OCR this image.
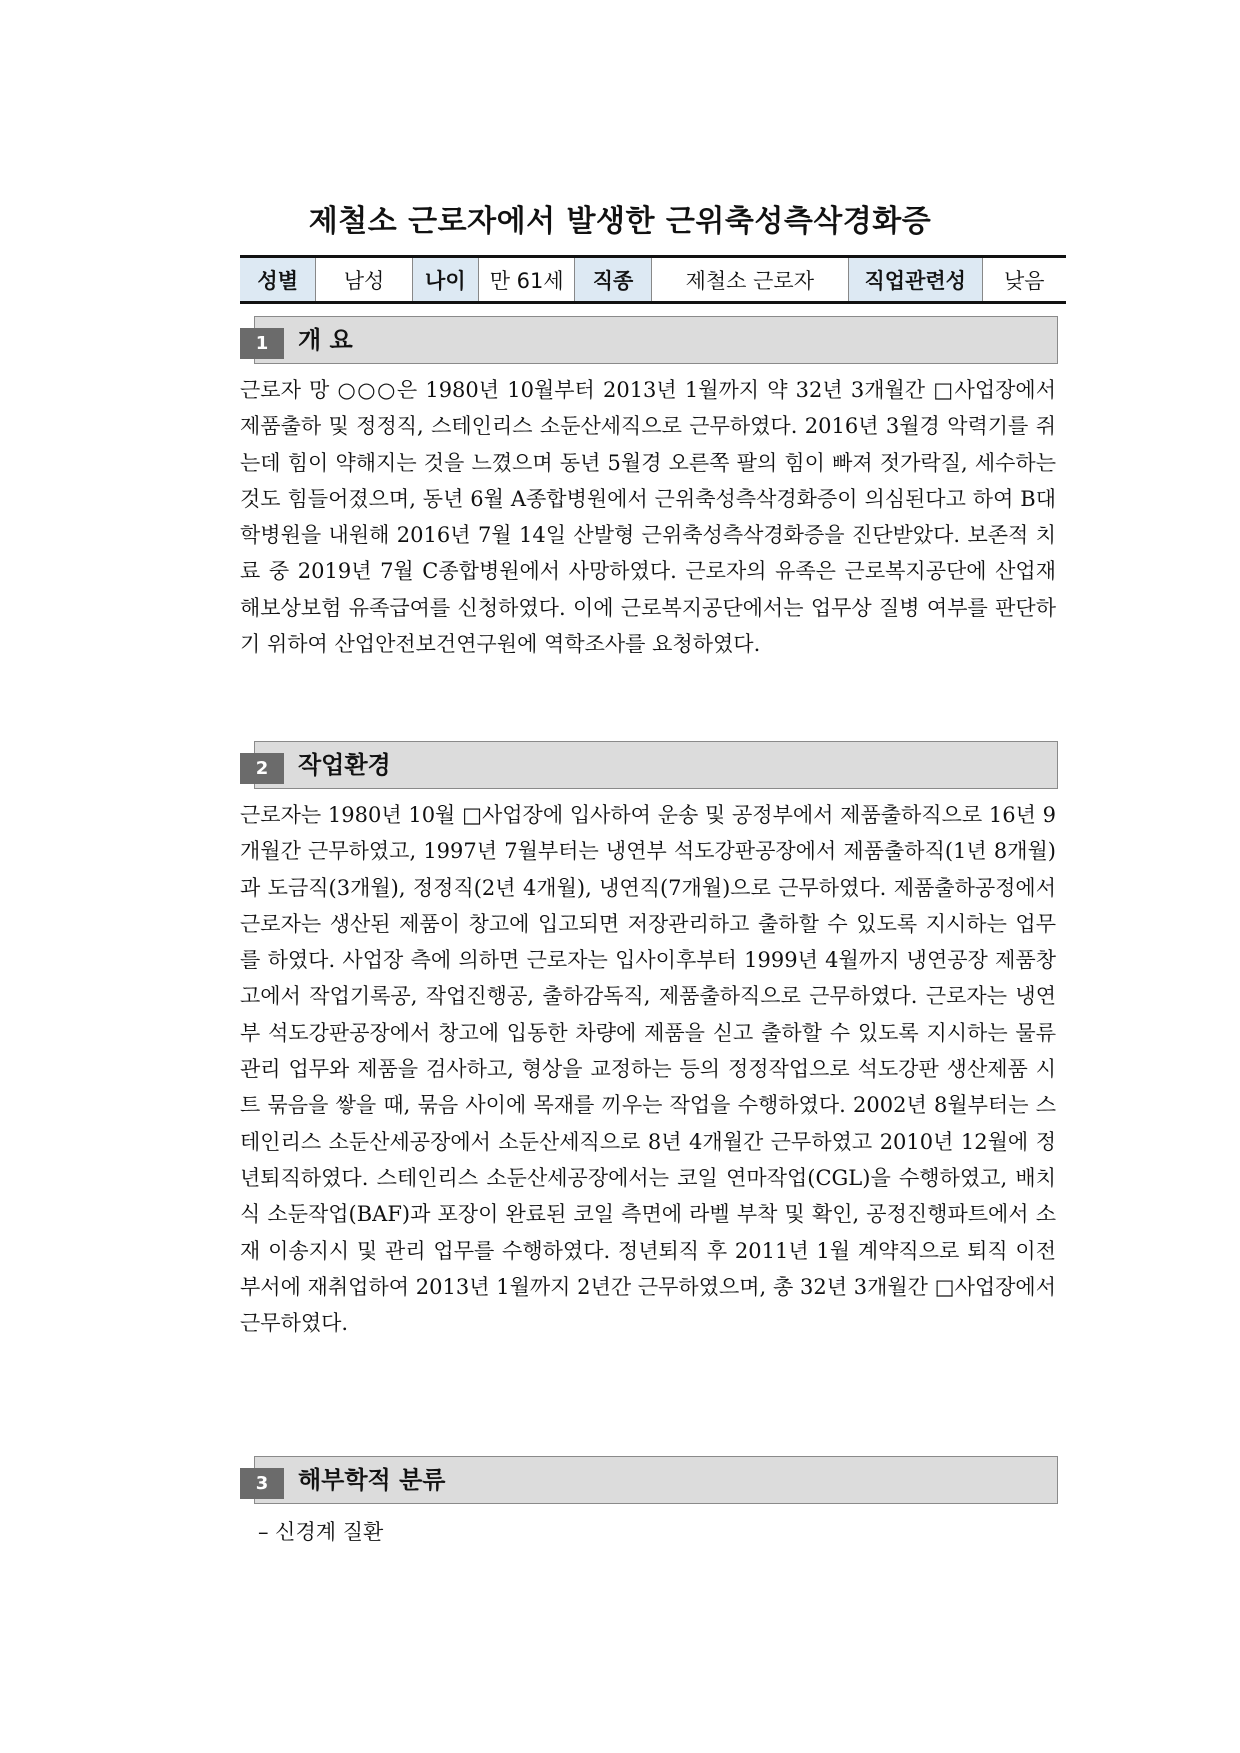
제철소 근로자에서 발생한 근위축성측삭경화증
성별	남성	나이	만 61세	직종	제철소 근로자	직업관련성	낮음
1	개 요

근로자 망 ○○○은 1980년 10월부터 2013년 1월까지 약 32년 3개월간 □사업장에서 제품출하 및 정정직, 스테인리스 소둔산세직으로 근무하였다. 2016년 3월경 악력기를 쥐는데 힘이 약해지는 것을 느꼈으며 동년 5월경 오른쪽 팔의 힘이 빠져 젓가락질, 세수하는 것도 힘들어졌으며, 동년 6월 A종합병원에서 근위축성측삭경화증이 의심된다고 하여 B대학병원을 내원해 2016년 7월 14일 산발형 근위축성측삭경화증을 진단받았다. 보존적 치료 중 2019년 7월 C종합병원에서 사망하였다. 근로자의 유족은 근로복지공단에 산업재해보상보험 유족급여를 신청하였다. 이에 근로복지공단에서는 업무상 질병 여부를 판단하기 위하여 산업안전보건연구원에 역학조사를 요청하였다.

2	작업환경

근로자는 1980년 10월 □사업장에 입사하여 운송 및 공정부에서 제품출하직으로 16년 9개월간 근무하였고, 1997년 7월부터는 냉연부 석도강판공장에서 제품출하직(1년 8개월)과 도금직(3개월), 정정직(2년 4개월), 냉연직(7개월)으로 근무하였다. 제품출하공정에서 근로자는 생산된 제품이 창고에 입고되면 저장관리하고 출하할 수 있도록 지시하는 업무를 하였다. 사업장 측에 의하면 근로자는 입사이후부터 1999년 4월까지 냉연공장 제품창고에서 작업기록공, 작업진행공, 출하감독직, 제품출하직으로 근무하였다. 근로자는 냉연부 석도강판공장에서 창고에 입동한 차량에 제품을 싣고 출하할 수 있도록 지시하는 물류관리 업무와 제품을 검사하고, 형상을 교정하는 등의 정정작업으로 석도강판 생산제품 시트 묶음을 쌓을 때, 묶음 사이에 목재를 끼우는 작업을 수행하였다. 2002년 8월부터는 스테인리스 소둔산세공장에서 소둔산세직으로 8년 4개월간 근무하였고 2010년 12월에 정년퇴직하였다. 스테인리스 소둔산세공장에서는 코일 연마작업(CGL)을 수행하였고, 배치식 소둔작업(BAF)과 포장이 완료된 코일 측면에 라벨 부착 및 확인, 공정진행파트에서 소재 이송지시 및 관리 업무를 수행하였다. 정년퇴직 후 2011년 1월 계약직으로 퇴직 이전 부서에 재취업하여 2013년 1월까지 2년간 근무하였으며, 총 32년 3개월간 □사업장에서 근무하였다.

3	해부학적 분류

– 신경계 질환
